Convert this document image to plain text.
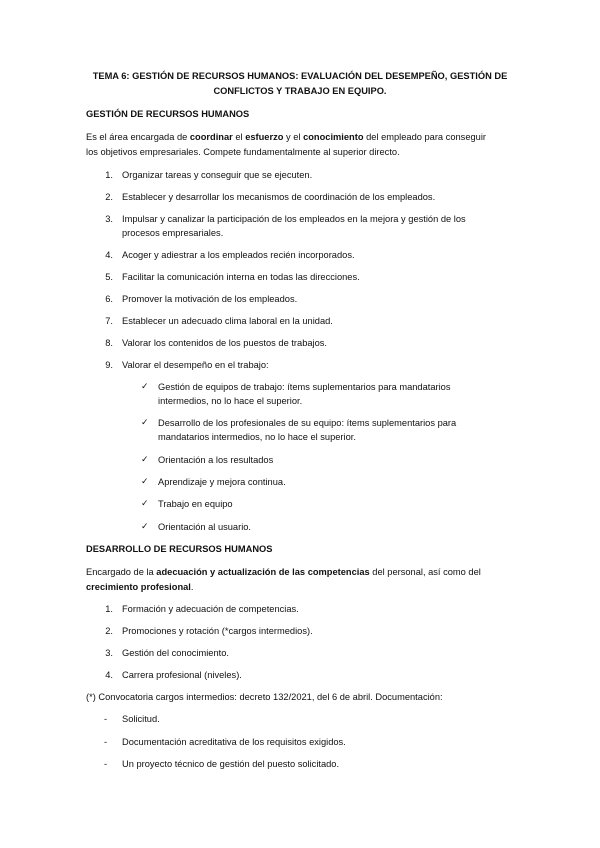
TEMA 6: GESTIÓN DE RECURSOS HUMANOS: EVALUACIÓN DEL DESEMPEÑO, GESTIÓN DE CONFLICTOS Y TRABAJO EN EQUIPO.
GESTIÓN DE RECURSOS HUMANOS
Es el área encargada de coordinar el esfuerzo y el conocimiento del empleado para conseguir
los objetivos empresariales. Compete fundamentalmente al superior directo.
1. Organizar tareas y conseguir que se ejecuten.
2. Establecer y desarrollar los mecanismos de coordinación de los empleados.
3. Impulsar y canalizar la participación de los empleados en la mejora y gestión de los
procesos empresariales.
4. Acoger y adiestrar a los empleados recién incorporados.
5. Facilitar la comunicación interna en todas las direcciones.
6. Promover la motivación de los empleados.
7. Establecer un adecuado clima laboral en la unidad.
8. Valorar los contenidos de los puestos de trabajos.
9. Valorar el desempeño en el trabajo:
✓ Gestión de equipos de trabajo: ítems suplementarios para mandatarios
intermedios, no lo hace el superior.
✓ Desarrollo de los profesionales de su equipo: ítems suplementarios para
mandatarios intermedios, no lo hace el superior.
✓ Orientación a los resultados
✓ Aprendizaje y mejora continua.
✓ Trabajo en equipo
✓ Orientación al usuario.
DESARROLLO DE RECURSOS HUMANOS
Encargado de la adecuación y actualización de las competencias del personal, así como del
crecimiento profesional.
1. Formación y adecuación de competencias.
2. Promociones y rotación (*cargos intermedios).
3. Gestión del conocimiento.
4. Carrera profesional (niveles).
(*) Convocatoria cargos intermedios: decreto 132/2021, del 6 de abril. Documentación:
- Solicitud.
- Documentación acreditativa de los requisitos exigidos.
- Un proyecto técnico de gestión del puesto solicitado.
